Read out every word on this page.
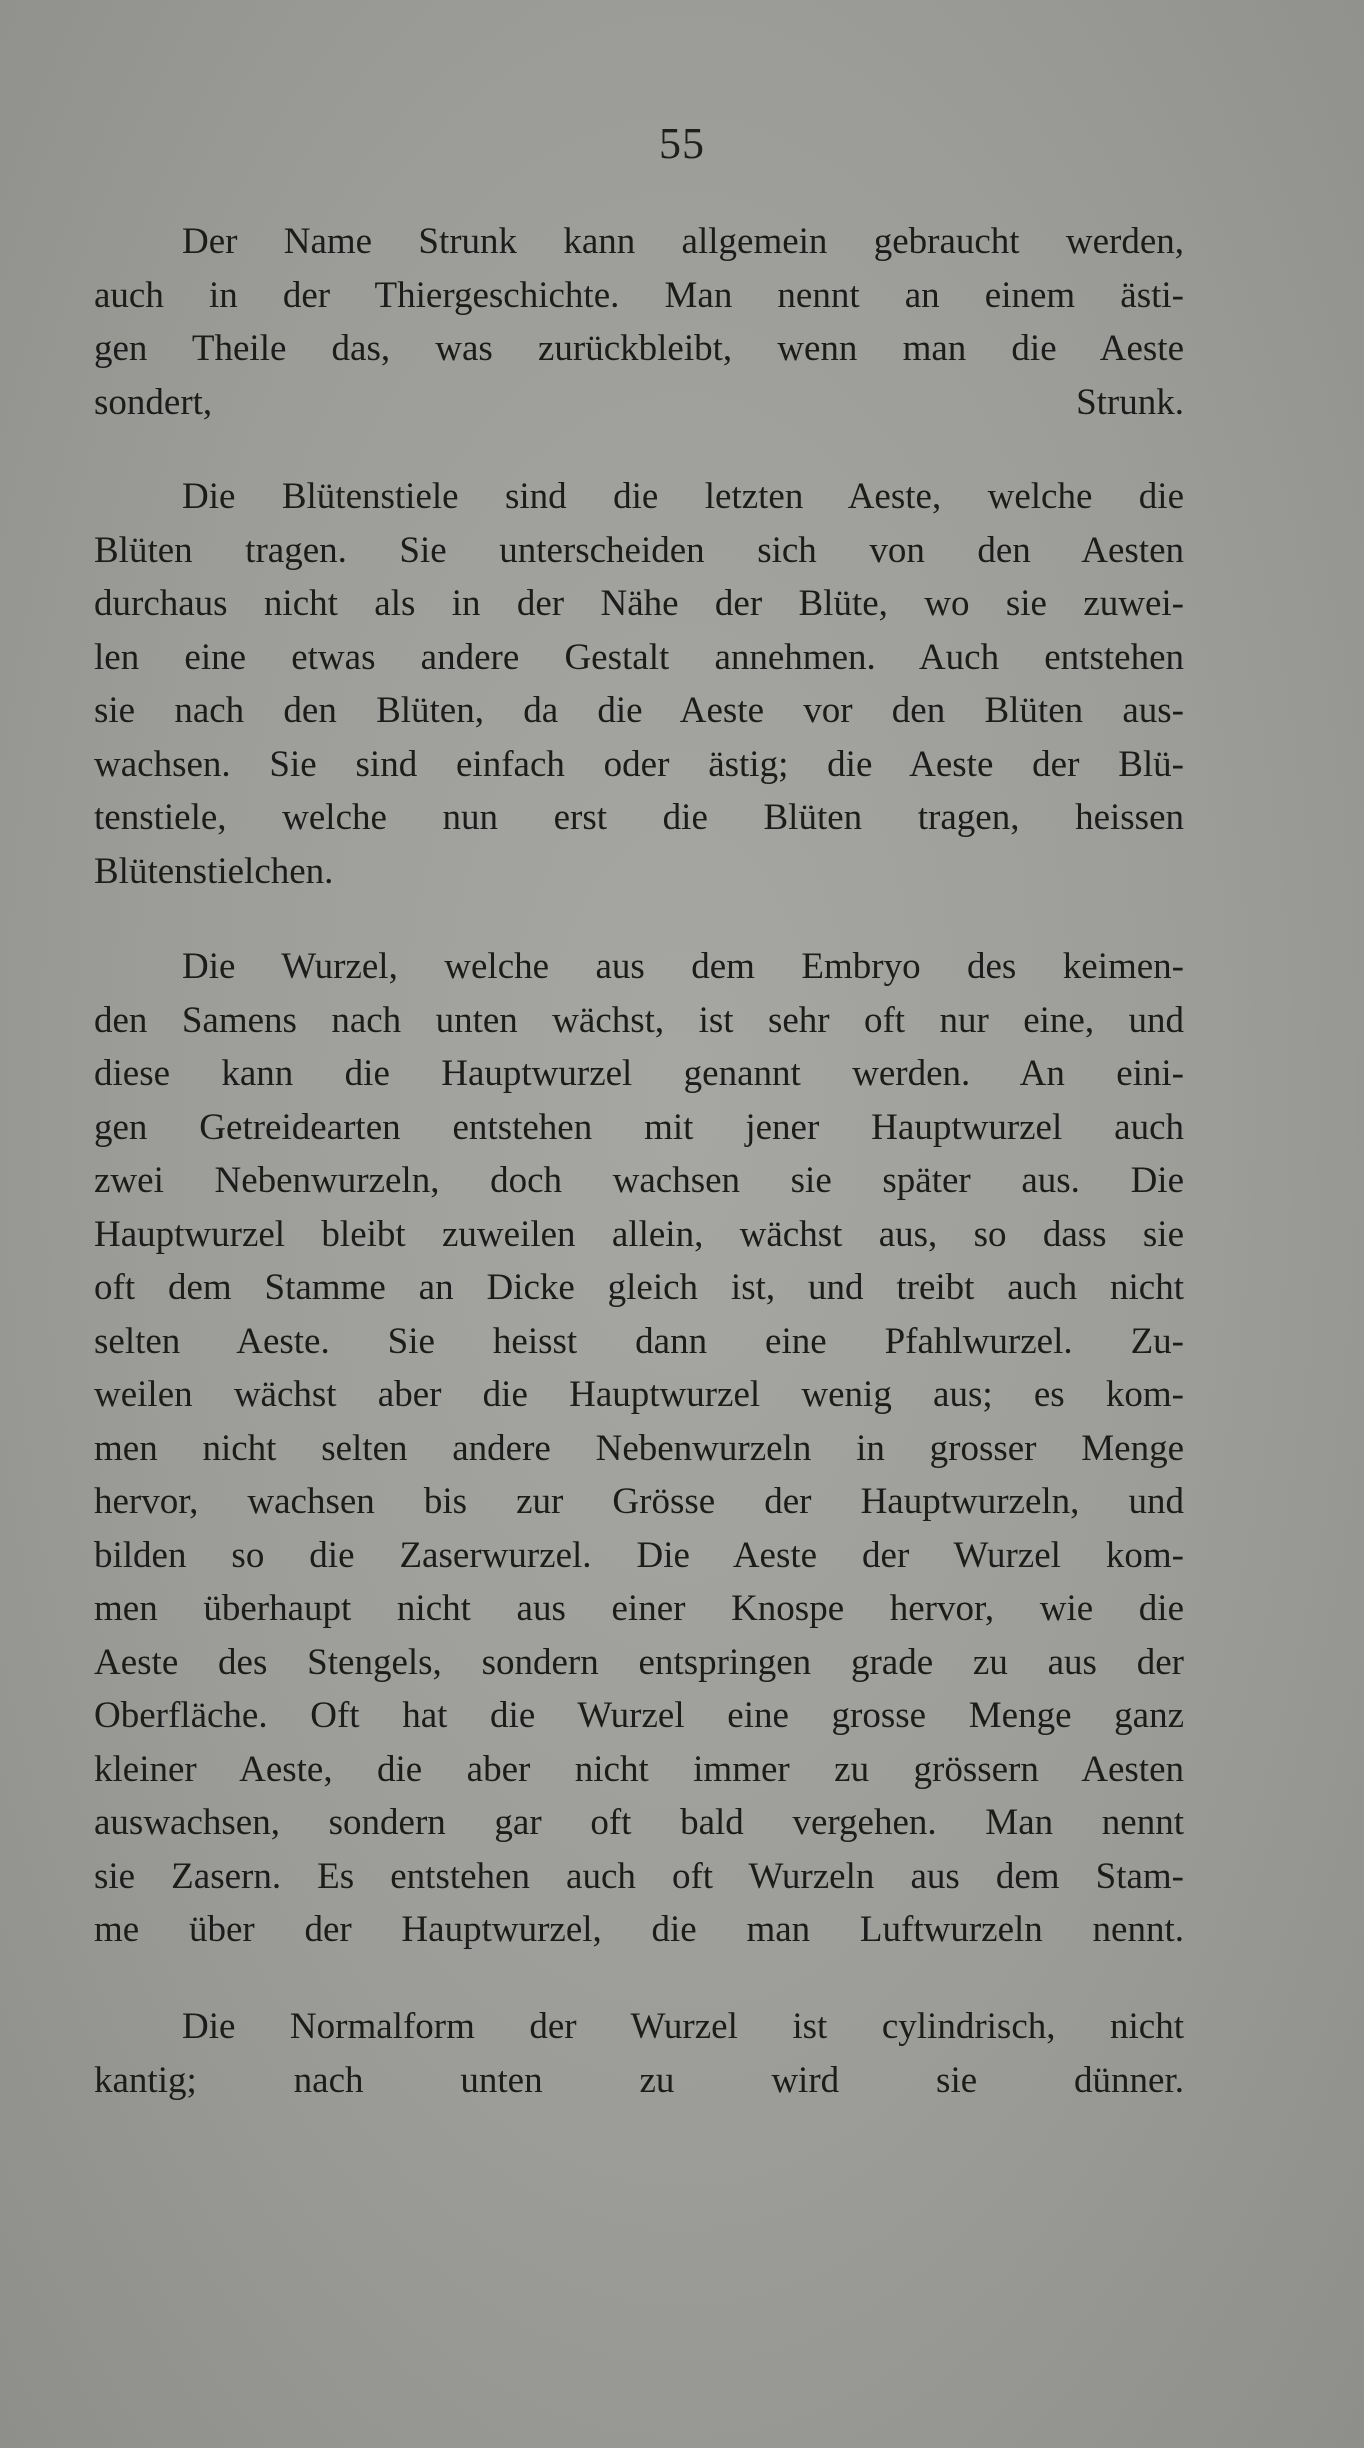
55

Der Name Strunk kann allgemein gebraucht werden,
auch in der Thiergeschichte. Man nennt an einem ästi-
gen Theile das, was zurückbleibt, wenn man die Aeste
sondert, Strunk.

Die Blütenstiele sind die letzten Aeste, welche die
Blüten tragen. Sie unterscheiden sich von den Aesten
durchaus nicht als in der Nähe der Blüte, wo sie zuwei-
len eine etwas andere Gestalt annehmen. Auch entstehen
sie nach den Blüten, da die Aeste vor den Blüten aus-
wachsen. Sie sind einfach oder ästig; die Aeste der Blü-
tenstiele, welche nun erst die Blüten tragen, heissen
Blütenstielchen.

Die Wurzel, welche aus dem Embryo des keimen-
den Samens nach unten wächst, ist sehr oft nur eine, und
diese kann die Hauptwurzel genannt werden. An eini-
gen Getreidearten entstehen mit jener Hauptwurzel auch
zwei Nebenwurzeln, doch wachsen sie später aus. Die
Hauptwurzel bleibt zuweilen allein, wächst aus, so dass sie
oft dem Stamme an Dicke gleich ist, und treibt auch nicht
selten Aeste. Sie heisst dann eine Pfahlwurzel. Zu-
weilen wächst aber die Hauptwurzel wenig aus; es kom-
men nicht selten andere Nebenwurzeln in grosser Menge
hervor, wachsen bis zur Grösse der Hauptwurzeln, und
bilden so die Zaserwurzel. Die Aeste der Wurzel kom-
men überhaupt nicht aus einer Knospe hervor, wie die
Aeste des Stengels, sondern entspringen grade zu aus der
Oberfläche. Oft hat die Wurzel eine grosse Menge ganz
kleiner Aeste, die aber nicht immer zu grössern Aesten
auswachsen, sondern gar oft bald vergehen. Man nennt
sie Zasern. Es entstehen auch oft Wurzeln aus dem Stam-
me über der Hauptwurzel, die man Luftwurzeln nennt.

Die Normalform der Wurzel ist cylindrisch, nicht
kantig; nach unten zu wird sie dünner.
